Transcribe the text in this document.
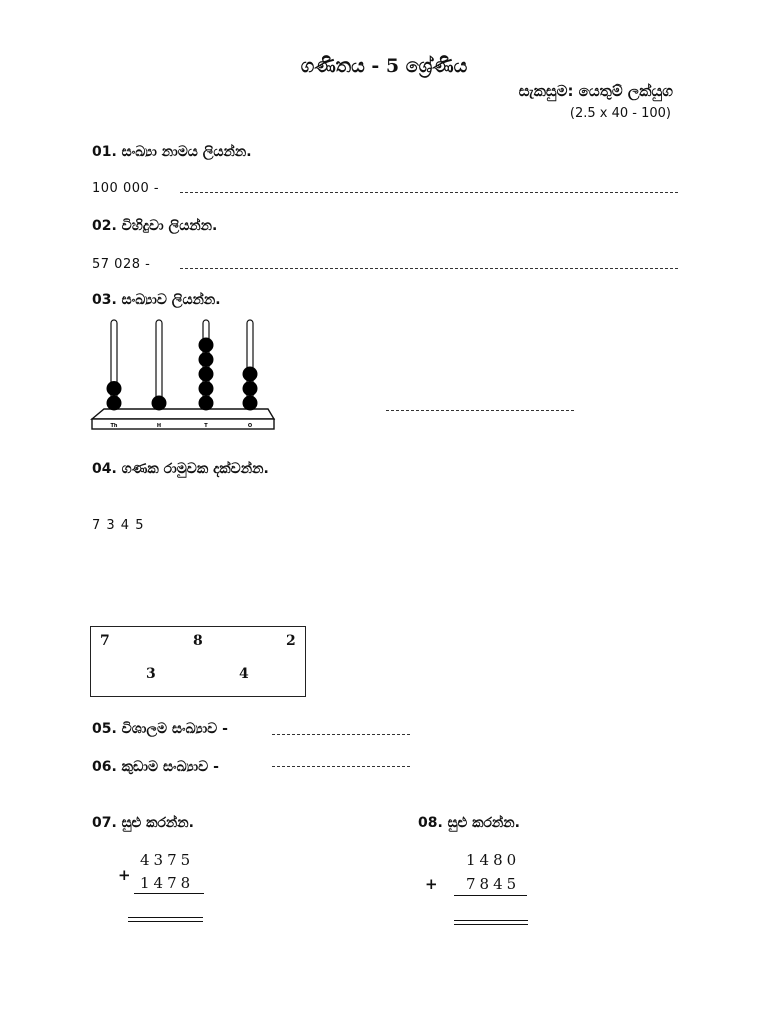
ගණිතය - 5 ශ්‍රේණිය
සැකසුම: යෙතුම් ලක්යුග
(2.5 x 40 - 100)
01. සංඛ්‍යා නාමය ලියන්න.
100 000 -
02. විහිදුවා ලියන්න.
57 028 -
03. සංඛ්‍යාව ලියන්න.
Th	H	T	O
04. ගණක රාමුවක දක්වන්න.
7 3 4 5
7	8	2
3	4
05. විශාලම සංඛ්‍යාව -
06. කුඩාම සංඛ්‍යාව -
07. සුළු කරන්න.
4375
+ 1478
08. සුළු කරන්න.
1480
+ 7845
